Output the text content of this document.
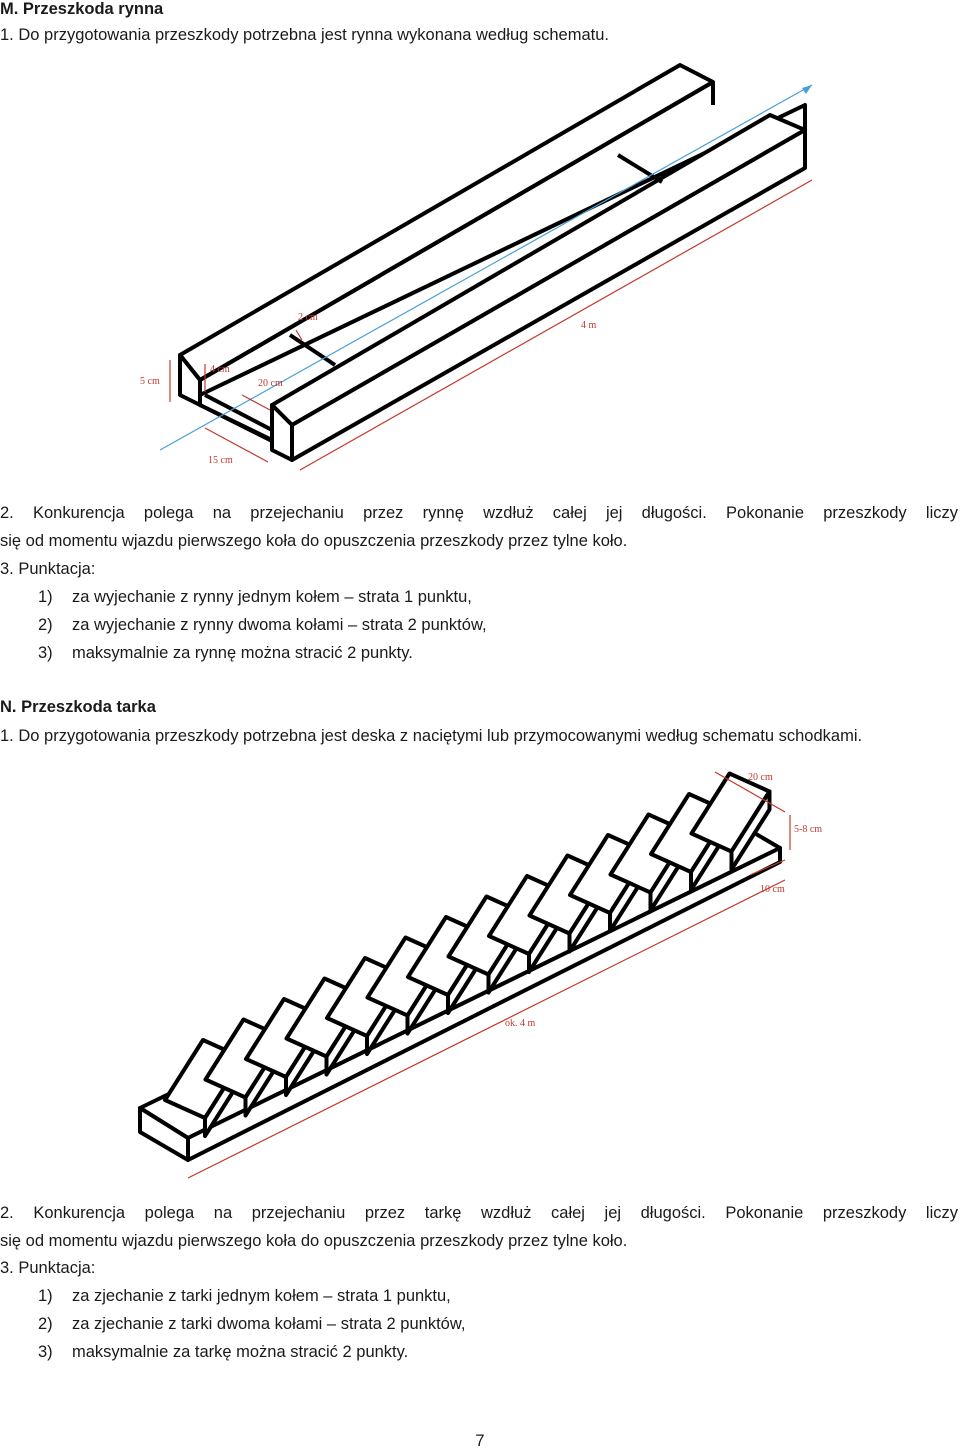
M. Przeszkoda rynna
1. Do przygotowania przeszkody potrzebna jest rynna wykonana według schematu.
5 cm
4 cm
20 cm
2 cm
15 cm
4 m
2. Konkurencja polega na przejechaniu przez rynnę wzdłuż całej jej długości. Pokonanie przeszkody liczy
się od momentu wjazdu pierwszego koła do opuszczenia przeszkody przez tylne koło.
3. Punktacja:
1) za wyjechanie z rynny jednym kołem – strata 1 punktu,
2) za wyjechanie z rynny dwoma kołami – strata 2 punktów,
3) maksymalnie za rynnę można stracić 2 punkty.
N. Przeszkoda tarka
1. Do przygotowania przeszkody potrzebna jest deska z naciętymi lub przymocowanymi według schematu schodkami.
20 cm
5-8 cm
10 cm
ok. 4 m
2. Konkurencja polega na przejechaniu przez tarkę wzdłuż całej jej długości. Pokonanie przeszkody liczy
się od momentu wjazdu pierwszego koła do opuszczenia przeszkody przez tylne koło.
3. Punktacja:
1) za zjechanie z tarki jednym kołem – strata 1 punktu,
2) za zjechanie z tarki dwoma kołami – strata 2 punktów,
3) maksymalnie za tarkę można stracić 2 punkty.
7
